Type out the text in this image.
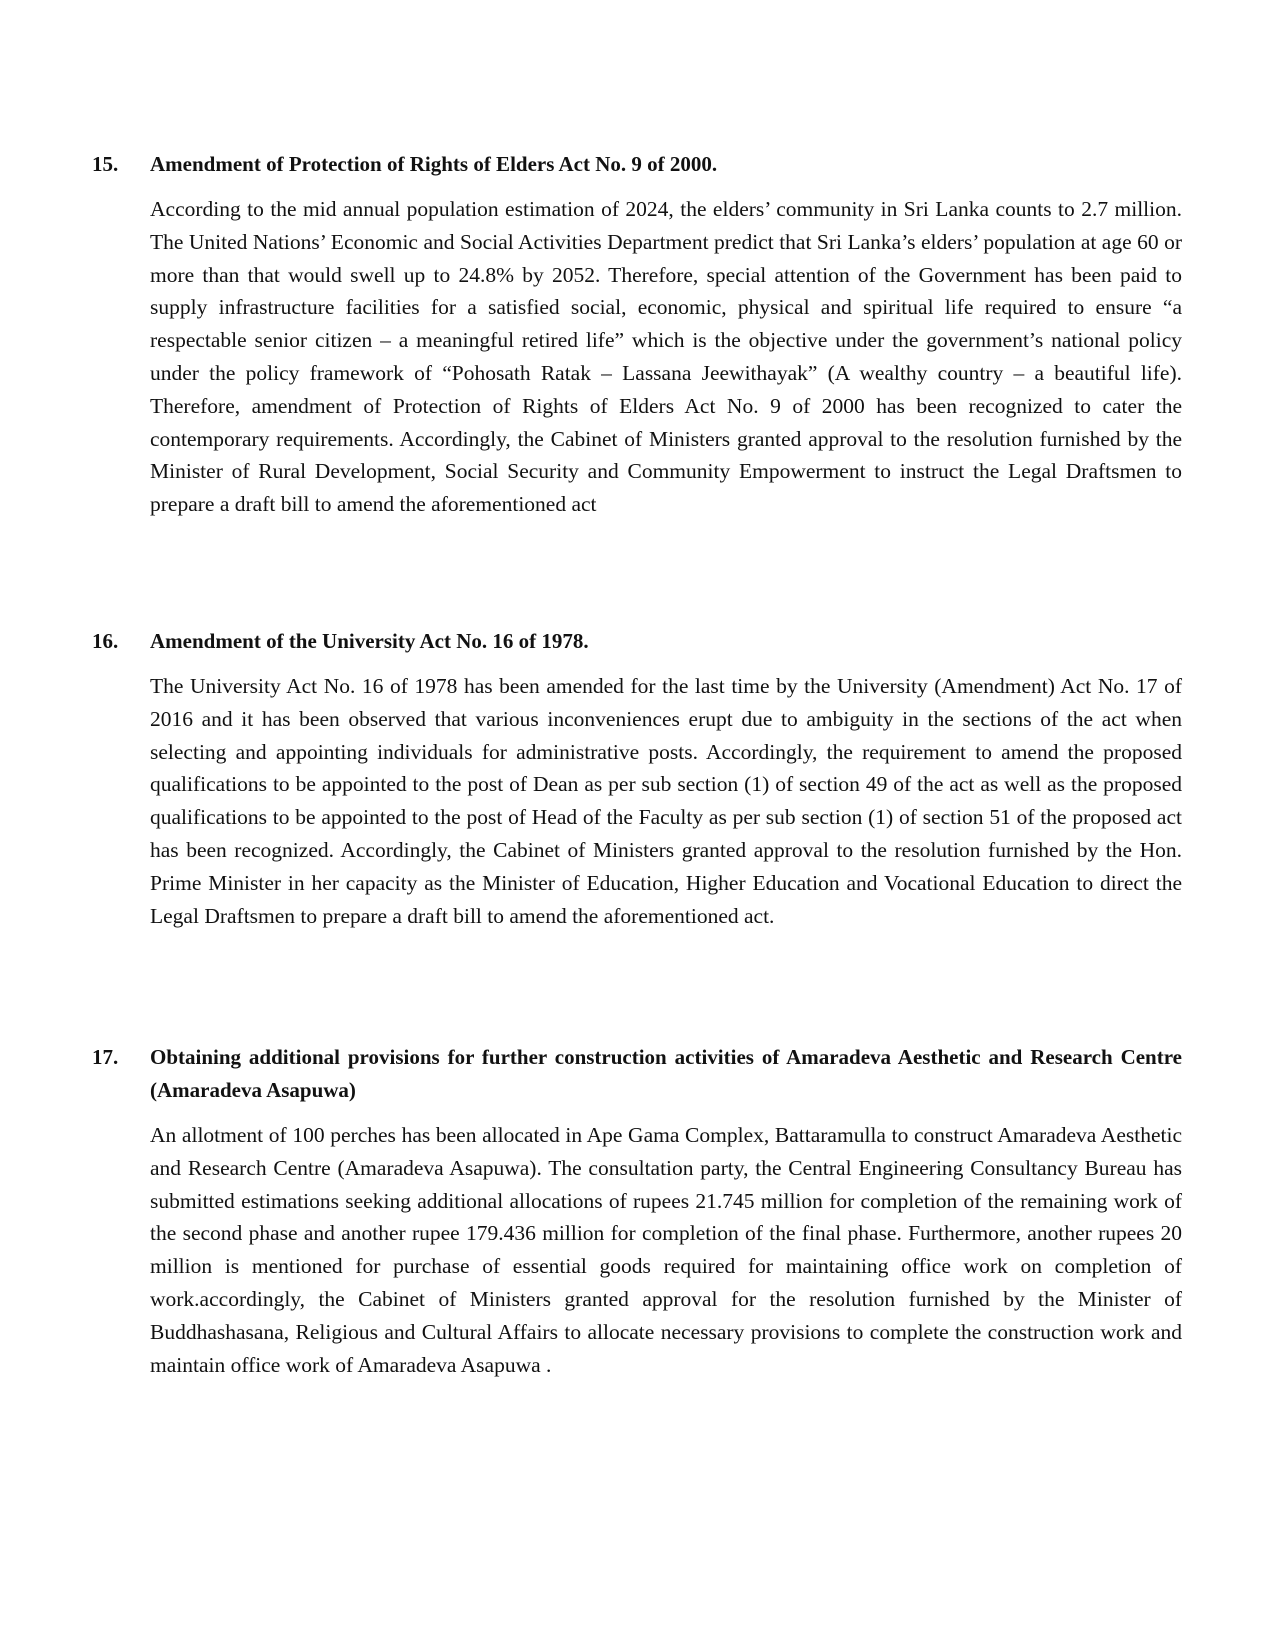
15.	Amendment of Protection of Rights of Elders Act No. 9 of 2000.

According to the mid annual population estimation of 2024, the elders’ community in Sri Lanka counts to 2.7 million. The United Nations’ Economic and Social Activities Department predict that Sri Lanka’s elders’ population at age 60 or more than that would swell up to 24.8% by 2052. Therefore, special attention of the Government has been paid to supply infrastructure facilities for a satisfied social, economic, physical and spiritual life required to ensure “a respectable senior citizen – a meaningful retired life” which is the objective under the government’s national policy under the policy framework of “Pohosath Ratak – Lassana Jeewithayak” (A wealthy country – a beautiful life). Therefore, amendment of Protection of Rights of Elders Act No. 9 of 2000 has been recognized to cater the contemporary requirements. Accordingly, the Cabinet of Ministers granted approval to the resolution furnished by the Minister of Rural Development, Social Security and Community Empowerment to instruct the Legal Draftsmen to prepare a draft bill to amend the aforementioned act

16.	Amendment of the University Act No. 16 of 1978.

The University Act No. 16 of 1978 has been amended for the last time by the University (Amendment) Act No. 17 of 2016 and it has been observed that various inconveniences erupt due to ambiguity in the sections of the act when selecting and appointing individuals for administrative posts. Accordingly, the requirement to amend the proposed qualifications to be appointed to the post of Dean as per sub section (1) of section 49 of the act as well as the proposed qualifications to be appointed to the post of Head of the Faculty as per sub section (1) of section 51 of the proposed act has been recognized. Accordingly, the Cabinet of Ministers granted approval to the resolution furnished by the Hon. Prime Minister in her capacity as the Minister of Education, Higher Education and Vocational Education to direct the Legal Draftsmen to prepare a draft bill to amend the aforementioned act.

17.	Obtaining additional provisions for further construction activities of Amaradeva Aesthetic and Research Centre (Amaradeva Asapuwa)

An allotment of 100 perches has been allocated in Ape Gama Complex, Battaramulla to construct Amaradeva Aesthetic and Research Centre (Amaradeva Asapuwa). The consultation party, the Central Engineering Consultancy Bureau has submitted estimations seeking additional allocations of rupees 21.745 million for completion of the remaining work of the second phase and another rupee 179.436 million for completion of the final phase. Furthermore, another rupees 20 million is mentioned for purchase of essential goods required for maintaining office work on completion of work.accordingly, the Cabinet of Ministers granted approval for the resolution furnished by the Minister of Buddhashasana, Religious and Cultural Affairs to allocate necessary provisions to complete the construction work and maintain office work of Amaradeva Asapuwa .
